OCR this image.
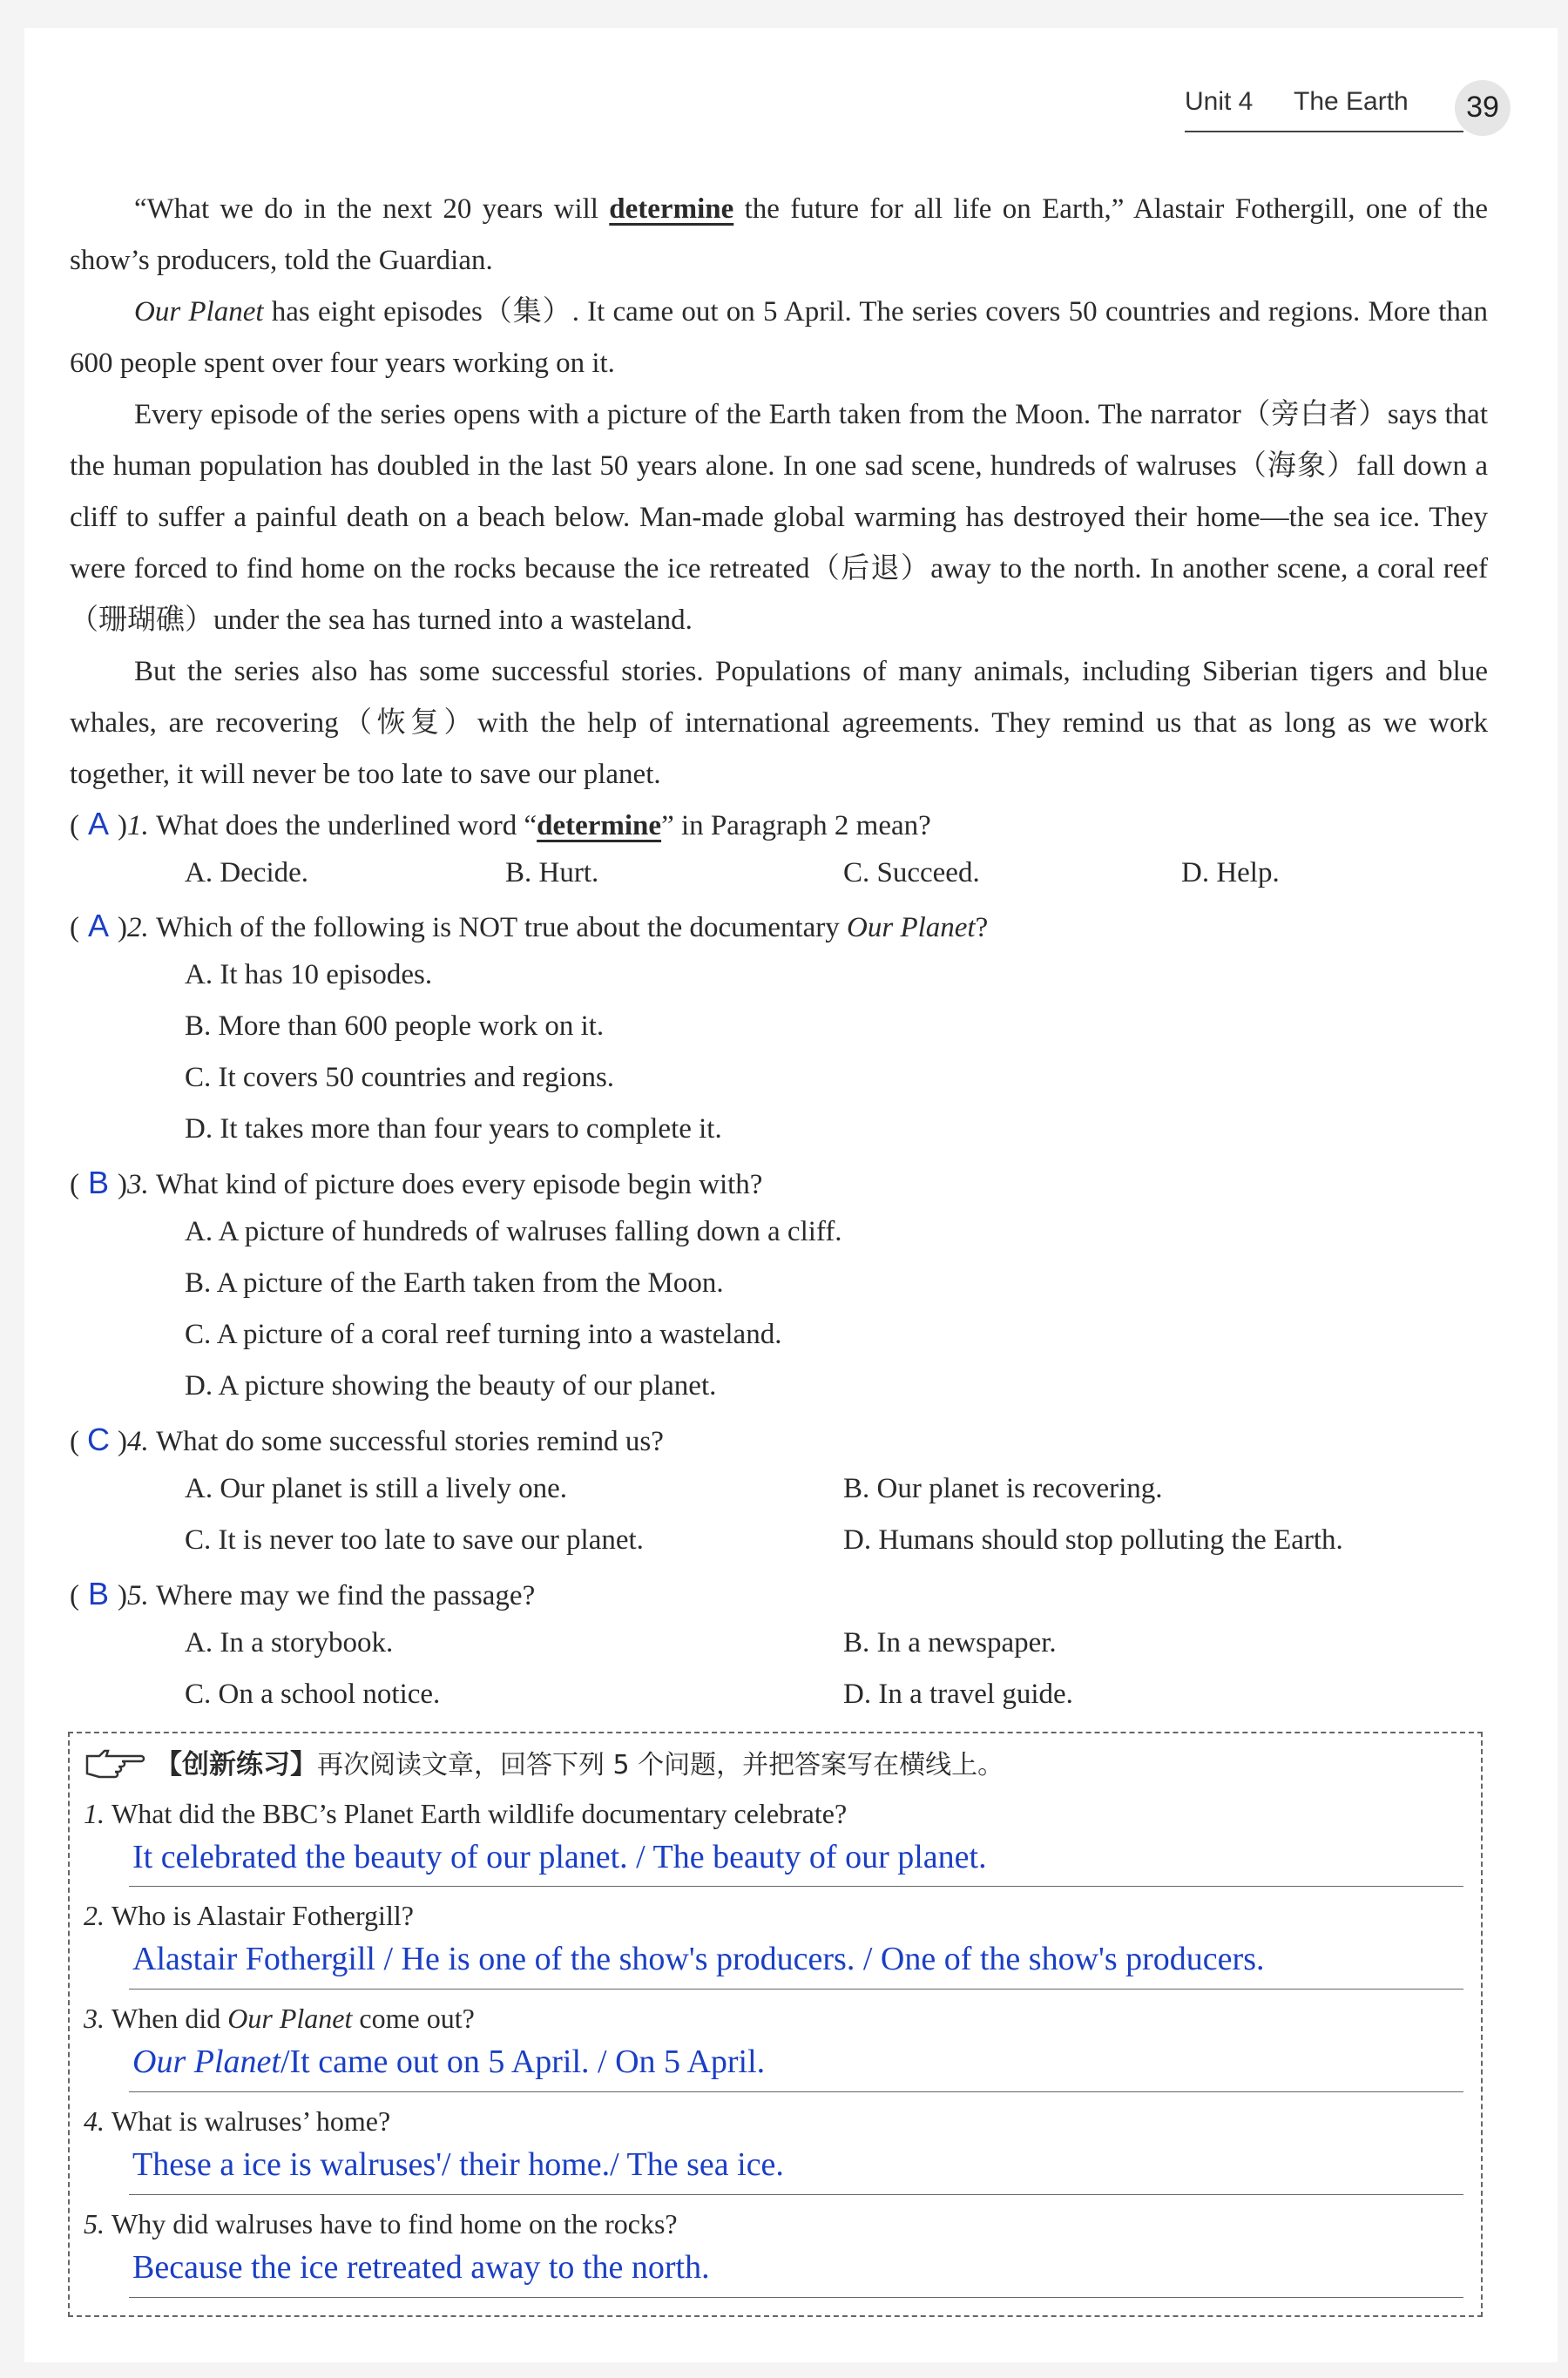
Unit 4 The Earth	39
“What we do in the next 20 years will determine the future for all life on Earth,” Alastair Fothergill, one of the show’s producers, told the Guardian.
Our Planet has eight episodes（集）. It came out on 5 April. The series covers 50 countries and regions. More than 600 people spent over four years working on it.
Every episode of the series opens with a picture of the Earth taken from the Moon. The narrator（旁白者）says that the human population has doubled in the last 50 years alone. In one sad scene, hundreds of walruses（海象）fall down a cliff to suffer a painful death on a beach below. Man-made global warming has destroyed their home—the sea ice. They were forced to find home on the rocks because the ice retreated（后退）away to the north. In another scene, a coral reef（珊瑚礁）under the sea has turned into a wasteland.
But the series also has some successful stories. Populations of many animals, including Siberian tigers and blue whales, are recovering（恢复）with the help of international agreements. They remind us that as long as we work together, it will never be too late to save our planet.
( A )1. What does the underlined word “determine” in Paragraph 2 mean?
A. Decide.	B. Hurt.	C. Succeed.	D. Help.
( A )2. Which of the following is NOT true about the documentary Our Planet?
A. It has 10 episodes.
B. More than 600 people work on it.
C. It covers 50 countries and regions.
D. It takes more than four years to complete it.
( B )3. What kind of picture does every episode begin with?
A. A picture of hundreds of walruses falling down a cliff.
B. A picture of the Earth taken from the Moon.
C. A picture of a coral reef turning into a wasteland.
D. A picture showing the beauty of our planet.
( C )4. What do some successful stories remind us?
A. Our planet is still a lively one.	B. Our planet is recovering.
C. It is never too late to save our planet.	D. Humans should stop polluting the Earth.
( B )5. Where may we find the passage?
A. In a storybook.	B. In a newspaper.
C. On a school notice.	D. In a travel guide.
【创新练习】再次阅读文章，回答下列 5 个问题，并把答案写在横线上。
1. What did the BBC’s Planet Earth wildlife documentary celebrate?
It celebrated the beauty of our planet. / The beauty of our planet.
2. Who is Alastair Fothergill?
Alastair Fothergill / He is one of the show's producers. / One of the show's producers.
3. When did Our Planet come out?
Our Planet/It came out on 5 April. / On 5 April.
4. What is walruses’ home?
These a ice is walruses'/ their home./ The sea ice.
5. Why did walruses have to find home on the rocks?
Because the ice retreated away to the north.
